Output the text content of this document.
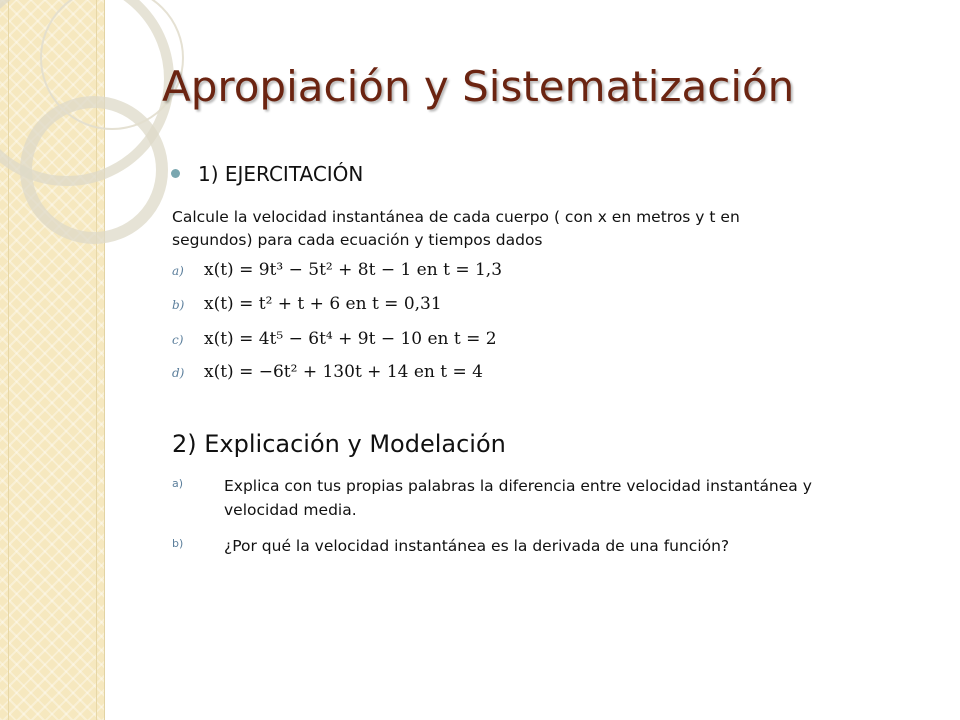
Apropiación y Sistematización
1) EJERCITACIÓN
Calcule la velocidad instantánea de cada cuerpo ( con x en metros y t en segundos) para cada ecuación y tiempos dados
a) x(t) = 9t³ − 5t² + 8t − 1 en t = 1,3
b) x(t) = t² + t + 6 en t = 0,31
c) x(t) = 4t⁵ − 6t⁴ + 9t − 10 en t = 2
d) x(t) = −6t² + 130t + 14 en t = 4
2) Explicación y Modelación
a)	Explica con tus propias palabras la diferencia entre velocidad instantánea y velocidad media.
b)	¿Por qué la velocidad instantánea es la derivada de una función?
